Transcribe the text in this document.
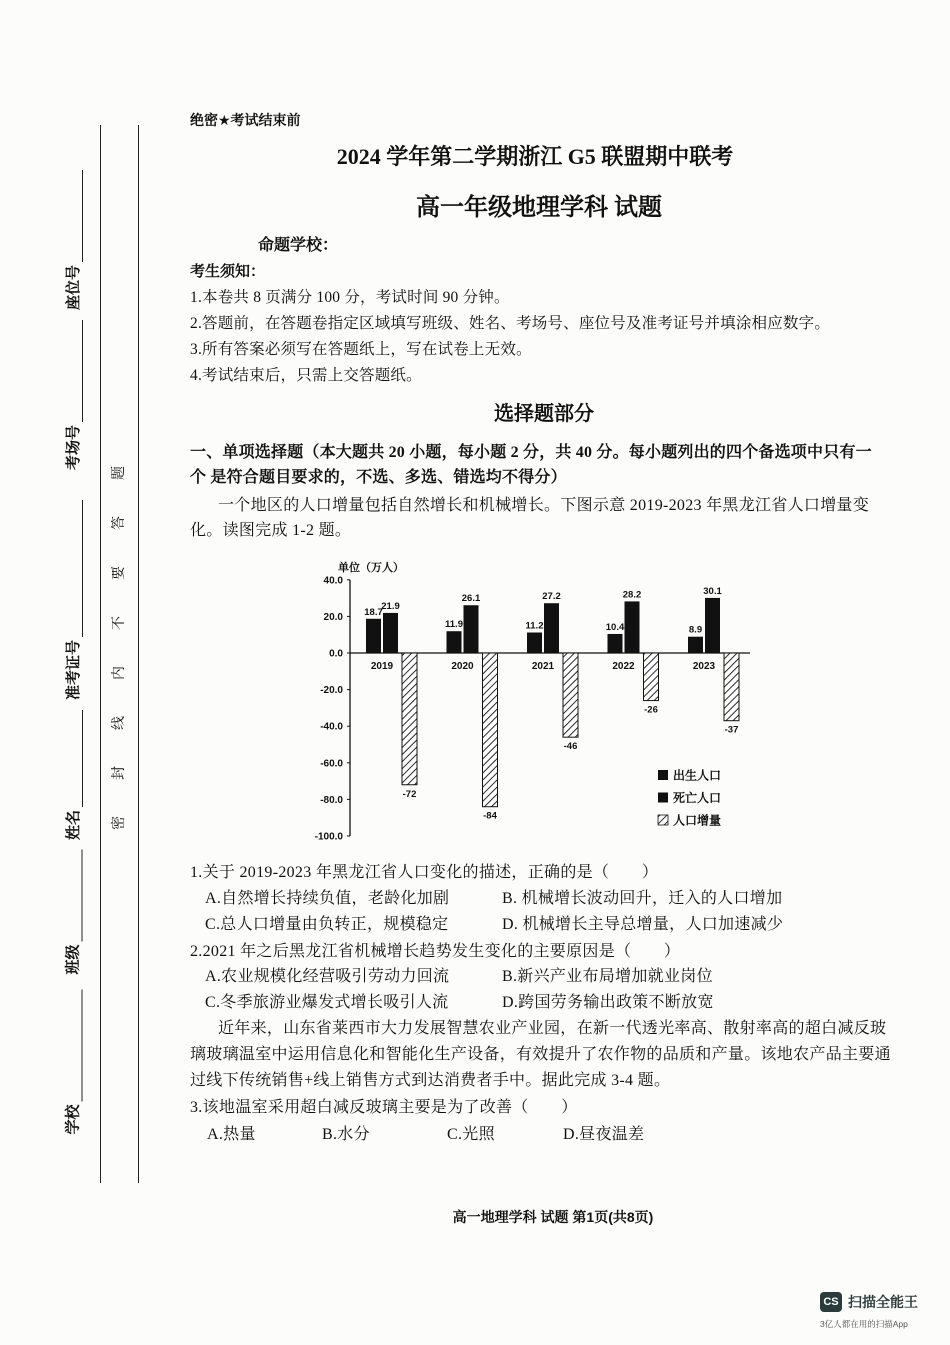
座位号
考场号
准考证号
姓名
班级
学校
密封线内不要答题
绝密★考试结束前
2024 学年第二学期浙江 G5 联盟期中联考
高一年级地理学科 试题
命题学校：
考生须知：
1.本卷共 8 页满分 100 分，考试时间 90 分钟。
2.答题前，在答题卷指定区域填写班级、姓名、考场号、座位号及准考证号并填涂相应数字。
3.所有答案必须写在答题纸上，写在试卷上无效。
4.考试结束后，只需上交答题纸。
选择题部分
一、单项选择题（本大题共 20 小题，每小题 2 分，共 40 分。每小题列出的四个备选项中只有一
个 是符合题目要求的，不选、多选、错选均不得分）
一个地区的人口增量包括自然增长和机械增长。下图示意 2019-2023 年黑龙江省人口增量变
化。读图完成 1-2 题。
单位（万人）
40.0
20.0
0.0
-20.0
-40.0
-60.0
-80.0
-100.0
18.7
21.9
-72
2019
11.9
26.1
-84
2020
11.2
27.2
-46
2021
10.4
28.2
-26
2022
8.9
30.1
-37
2023
出生人口
死亡人口
人口增量
1.关于 2019-2023 年黑龙江省人口变化的描述，正确的是（　　）
A.自然增长持续负值，老龄化加剧	B. 机械增长波动回升，迁入的人口增加
C.总人口增量由负转正，规模稳定	D. 机械增长主导总增量，人口加速减少
2.2021 年之后黑龙江省机械增长趋势发生变化的主要原因是（　　）
A.农业规模化经营吸引劳动力回流	B.新兴产业布局增加就业岗位
C.冬季旅游业爆发式增长吸引人流	D.跨国劳务输出政策不断放宽
近年来，山东省莱西市大力发展智慧农业产业园，在新一代透光率高、散射率高的超白减反玻
璃玻璃温室中运用信息化和智能化生产设备，有效提升了农作物的品质和产量。该地农产品主要通
过线下传统销售+线上销售方式到达消费者手中。据此完成 3-4 题。
3.该地温室采用超白减反玻璃主要是为了改善（　　）
A.热量	B.水分	C.光照	D.昼夜温差
高一地理学科 试题 第1页(共8页)
CS 扫描全能王
3亿人都在用的扫描App
